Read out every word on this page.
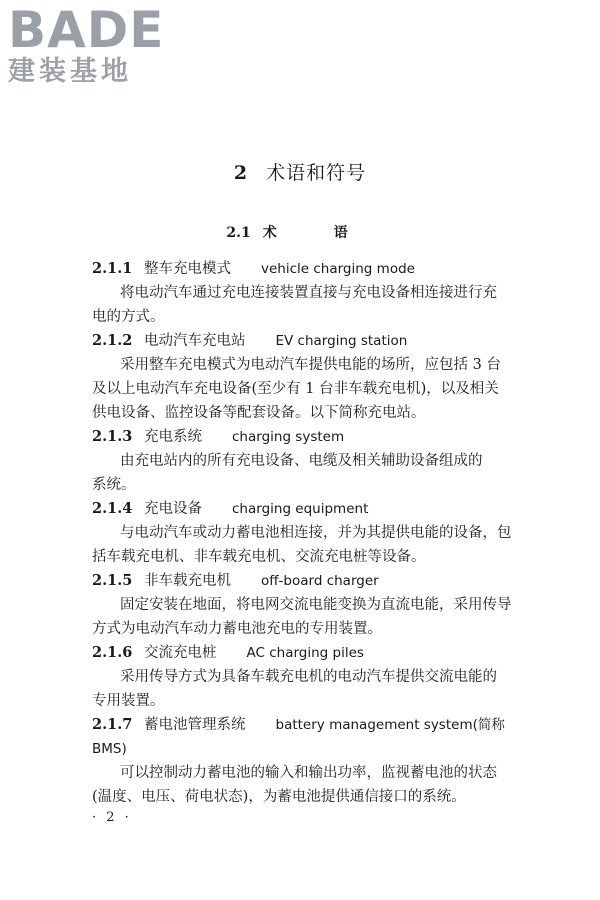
BADE
建装基地
2 术语和符号
2.1 术 语
2.1.1 整车充电模式 vehicle charging mode
将电动汽车通过充电连接装置直接与充电设备相连接进行充
电的方式。
2.1.2 电动汽车充电站 EV charging station
采用整车充电模式为电动汽车提供电能的场所，应包括 3 台
及以上电动汽车充电设备(至少有 1 台非车载充电机)，以及相关
供电设备、监控设备等配套设备。以下简称充电站。
2.1.3 充电系统 charging system
由充电站内的所有充电设备、电缆及相关辅助设备组成的
系统。
2.1.4 充电设备 charging equipment
与电动汽车或动力蓄电池相连接，并为其提供电能的设备，包
括车载充电机、非车载充电机、交流充电桩等设备。
2.1.5 非车载充电机 off-board charger
固定安装在地面，将电网交流电能变换为直流电能，采用传导
方式为电动汽车动力蓄电池充电的专用装置。
2.1.6 交流充电桩 AC charging piles
采用传导方式为具备车载充电机的电动汽车提供交流电能的
专用装置。
2.1.7 蓄电池管理系统 battery management system(简称
BMS)
可以控制动力蓄电池的输入和输出功率，监视蓄电池的状态
(温度、电压、荷电状态)，为蓄电池提供通信接口的系统。
· 2 ·
